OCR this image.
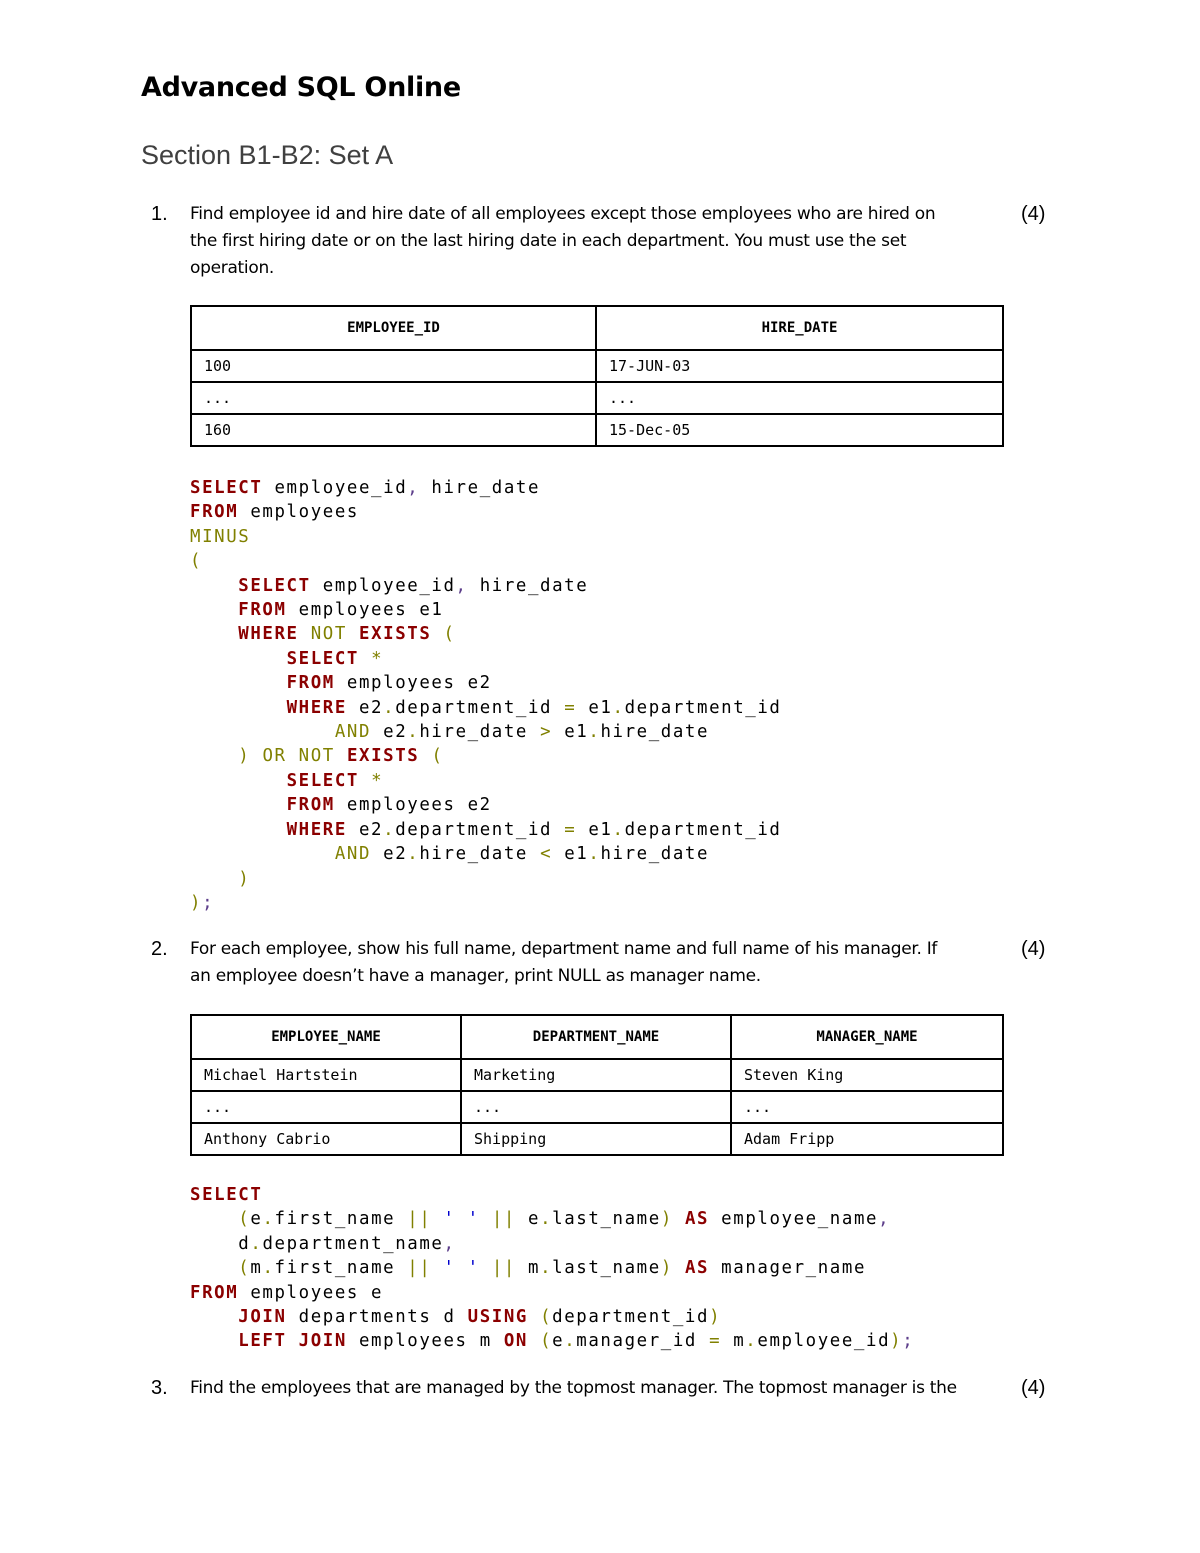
Advanced SQL Online
Section B1-B2: Set A
1. Find employee id and hire date of all employees except those employees who are hired on
the first hiring date or on the last hiring date in each department. You must use the set
operation.
(4)
EMPLOYEE_ID	HIRE_DATE
100	17-JUN-03
...	...
160	15-Dec-05
SELECT employee_id, hire_date
FROM employees
MINUS
(
SELECT employee_id, hire_date
FROM employees e1
WHERE NOT EXISTS (
SELECT *
FROM employees e2
WHERE e2.department_id = e1.department_id
AND e2.hire_date > e1.hire_date
) OR NOT EXISTS (
SELECT *
FROM employees e2
WHERE e2.department_id = e1.department_id
AND e2.hire_date < e1.hire_date
)
);
2. For each employee, show his full name, department name and full name of his manager. If
an employee doesn’t have a manager, print NULL as manager name.
(4)
EMPLOYEE_NAME	DEPARTMENT_NAME	MANAGER_NAME
Michael Hartstein	Marketing	Steven King
...	...	...
Anthony Cabrio	Shipping	Adam Fripp
SELECT
(e.first_name || ' ' || e.last_name) AS employee_name,
d.department_name,
(m.first_name || ' ' || m.last_name) AS manager_name
FROM employees e
JOIN departments d USING (department_id)
LEFT JOIN employees m ON (e.manager_id = m.employee_id);
3. Find the employees that are managed by the topmost manager. The topmost manager is the	(4)
